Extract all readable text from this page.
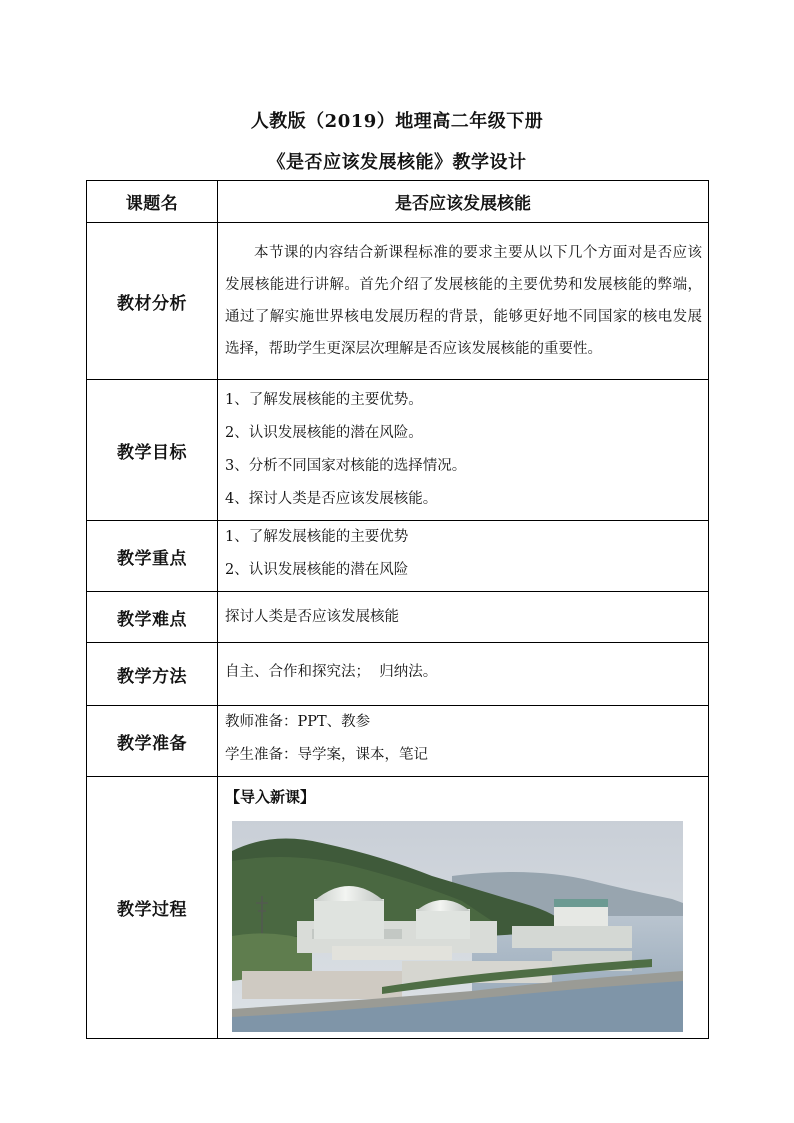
人教版（2019）地理高二年级下册
《是否应该发展核能》教学设计
课题名	是否应该发展核能
教材分析	本节课的内容结合新课程标准的要求主要从以下几个方面对是否应该发展核能进行讲解。首先介绍了发展核能的主要优势和发展核能的弊端，通过了解实施世界核电发展历程的背景，能够更好地不同国家的核电发展选择，帮助学生更深层次理解是否应该发展核能的重要性。

教学目标	1、了解发展核能的主要优势。
2、认识发展核能的潜在风险。
3、分析不同国家对核能的选择情况。
4、探讨人类是否应该发展核能。

教学重点	1、了解发展核能的主要优势
2、认识发展核能的潜在风险

教学难点	探讨人类是否应该发展核能

教学方法	自主、合作和探究法；  归纳法。

教学准备	教师准备：PPT、教参
学生准备：导学案，课本，笔记

教学过程	【导入新课】
